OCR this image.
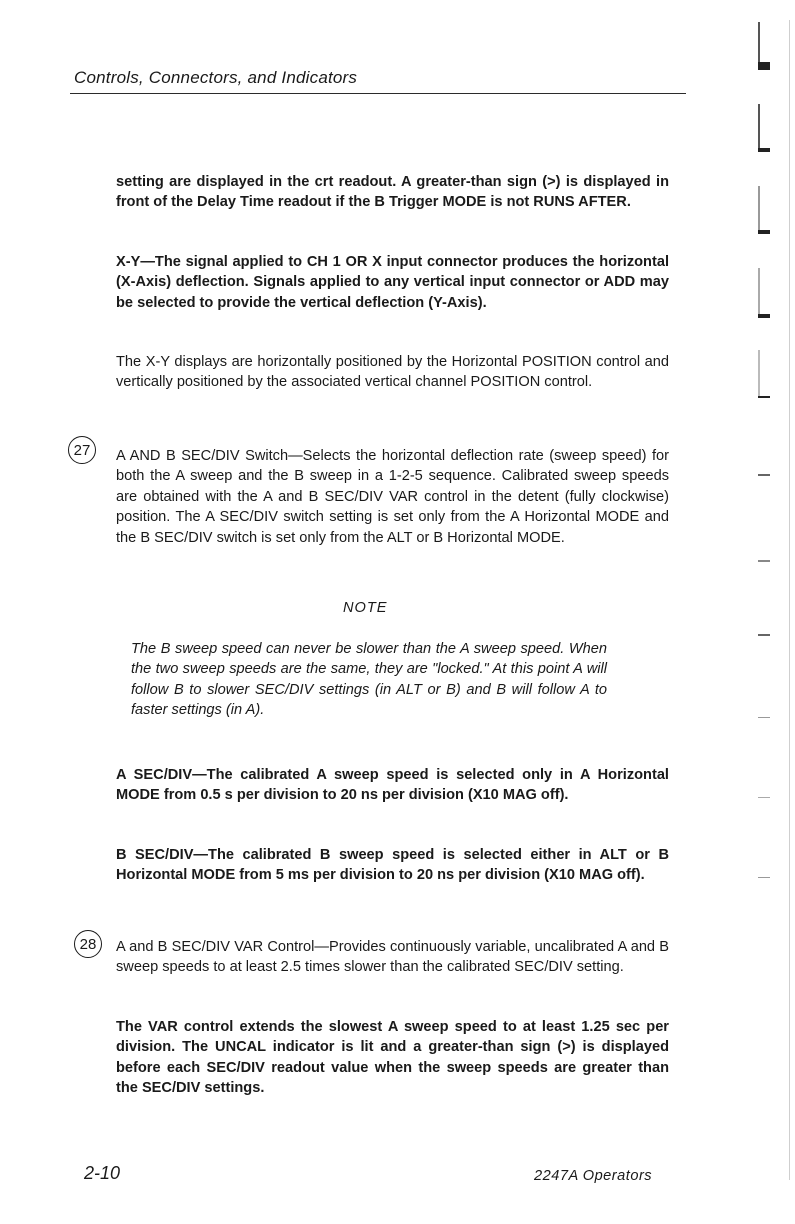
Controls, Connectors, and Indicators

setting are displayed in the crt readout. A greater-than sign (>) is displayed in front of the Delay Time readout if the B Trigger MODE is not RUNS AFTER.

X-Y—The signal applied to CH 1 OR X input connector produces the horizontal (X-Axis) deflection. Signals applied to any vertical input connector or ADD may be selected to provide the vertical deflection (Y-Axis).

The X-Y displays are horizontally positioned by the Horizontal POSITION control and vertically positioned by the associated vertical channel POSITION control.

27	A AND B SEC/DIV Switch—Selects the horizontal deflection rate (sweep speed) for both the A sweep and the B sweep in a 1-2-5 sequence. Calibrated sweep speeds are obtained with the A and B SEC/DIV VAR control in the detent (fully clockwise) position. The A SEC/DIV switch setting is set only from the A Horizontal MODE and the B SEC/DIV switch is set only from the ALT or B Horizontal MODE.

NOTE

The B sweep speed can never be slower than the A sweep speed. When the two sweep speeds are the same, they are "locked." At this point A will follow B to slower SEC/DIV settings (in ALT or B) and B will follow A to faster settings (in A).

A SEC/DIV—The calibrated A sweep speed is selected only in A Horizontal MODE from 0.5 s per division to 20 ns per division (X10 MAG off).

B SEC/DIV—The calibrated B sweep speed is selected either in ALT or B Horizontal MODE from 5 ms per division to 20 ns per division (X10 MAG off).

28	A and B SEC/DIV VAR Control—Provides continuously variable, uncalibrated A and B sweep speeds to at least 2.5 times slower than the calibrated SEC/DIV setting.

The VAR control extends the slowest A sweep speed to at least 1.25 sec per division. The UNCAL indicator is lit and a greater-than sign (>) is displayed before each SEC/DIV readout value when the sweep speeds are greater than the SEC/DIV settings.

2-10	2247A Operators
